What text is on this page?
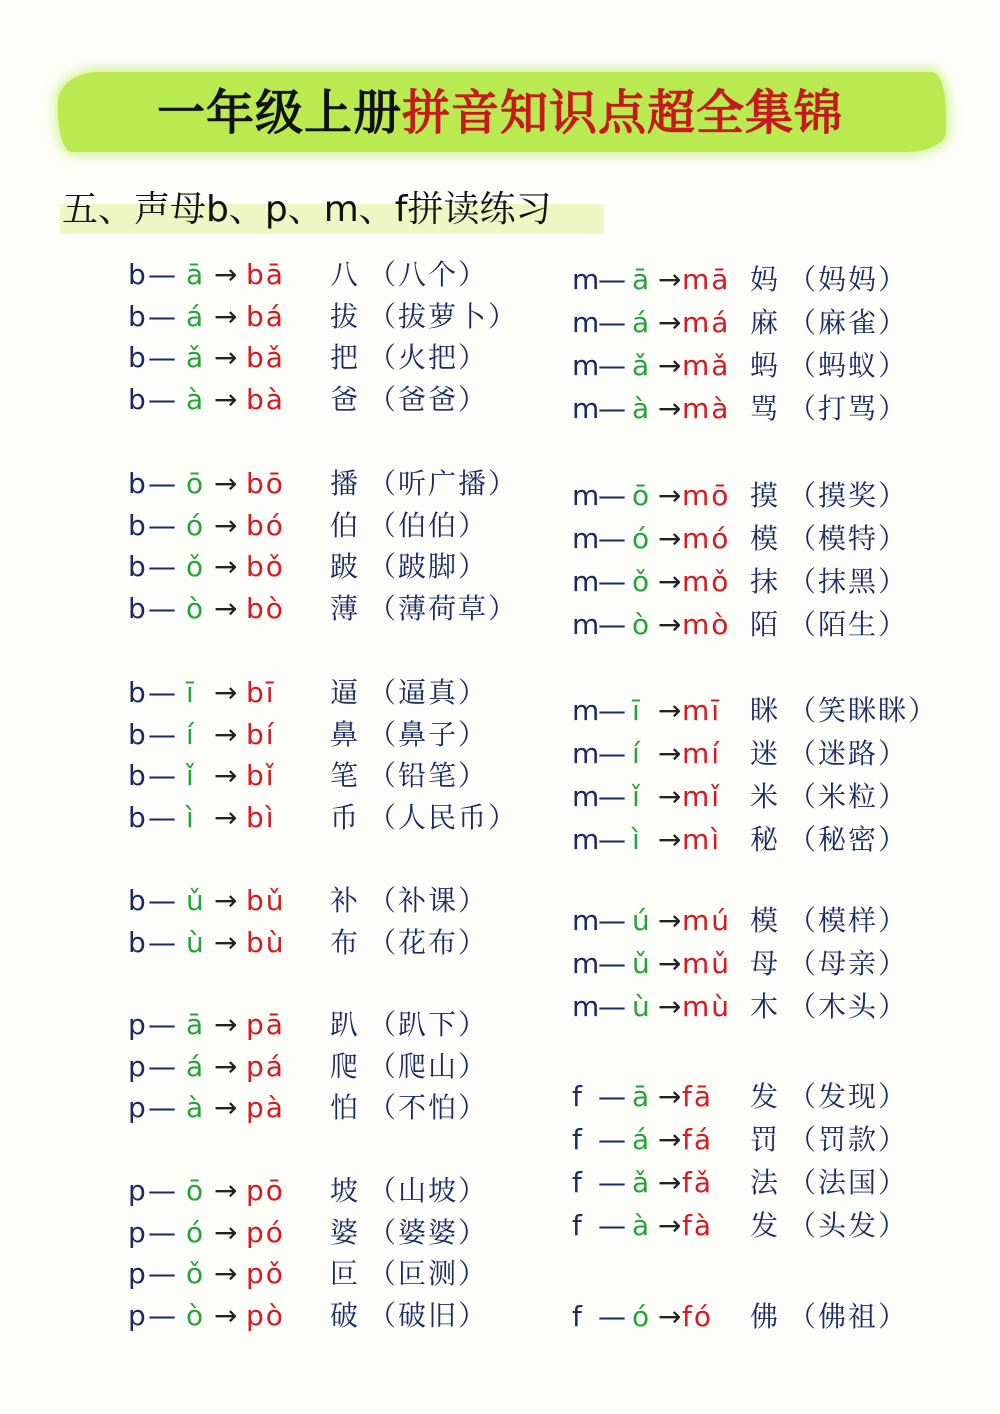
一年级上册拼音知识点超全集锦
五、声母b、p、m、f拼读练习
b — ā → bā 八 （八个）
b — á → bá 拔 （拔萝卜）
b — ǎ → bǎ 把 （火把）
b — à → bà 爸 （爸爸）
b — ō → bō 播 （听广播）
b — ó → bó 伯 （伯伯）
b — ǒ → bǒ 跛 （跛脚）
b — ò → bò 薄 （薄荷草）
b — ī → bī 逼 （逼真）
b — í → bí 鼻 （鼻子）
b — ǐ → bǐ 笔 （铅笔）
b — ì → bì 币 （人民币）
b — ǔ → bǔ 补 （补课）
b — ù → bù 布 （花布）
p — ā → pā 趴 （趴下）
p — á → pá 爬 （爬山）
p — à → pà 怕 （不怕）
p — ō → pō 坡 （山坡）
p — ó → pó 婆 （婆婆）
p — ǒ → pǒ 叵 （叵测）
p — ò → pò 破 （破旧）
m
— ā → mā 妈 （妈妈）
m
— á → má 麻 （麻雀）
m
— ǎ → mǎ 蚂 （蚂蚁）
m
— à → mà 骂 （打骂）
m
— ō → mō 摸 （摸奖）
m
— ó → mó 模 （模特）
m
— ǒ → mǒ 抹 （抹黑）
m
— ò → mò 陌 （陌生）
m
— ī → mī 眯 （笑眯眯）
m
— í → mí 迷 （迷路）
m
— ǐ → mǐ 米 （米粒）
m
— ì → mì 秘 （秘密）
m
— ú → mú 模 （模样）
m
— ǔ → mǔ 母 （母亲）
m
— ù → mù 木 （木头）
f — ā → fā 发 （发现）
f — á → fá 罚 （罚款）
f — ǎ → fǎ 法 （法国）
f — à → fà 发 （头发）
f — ó → fó 佛 （佛祖）
